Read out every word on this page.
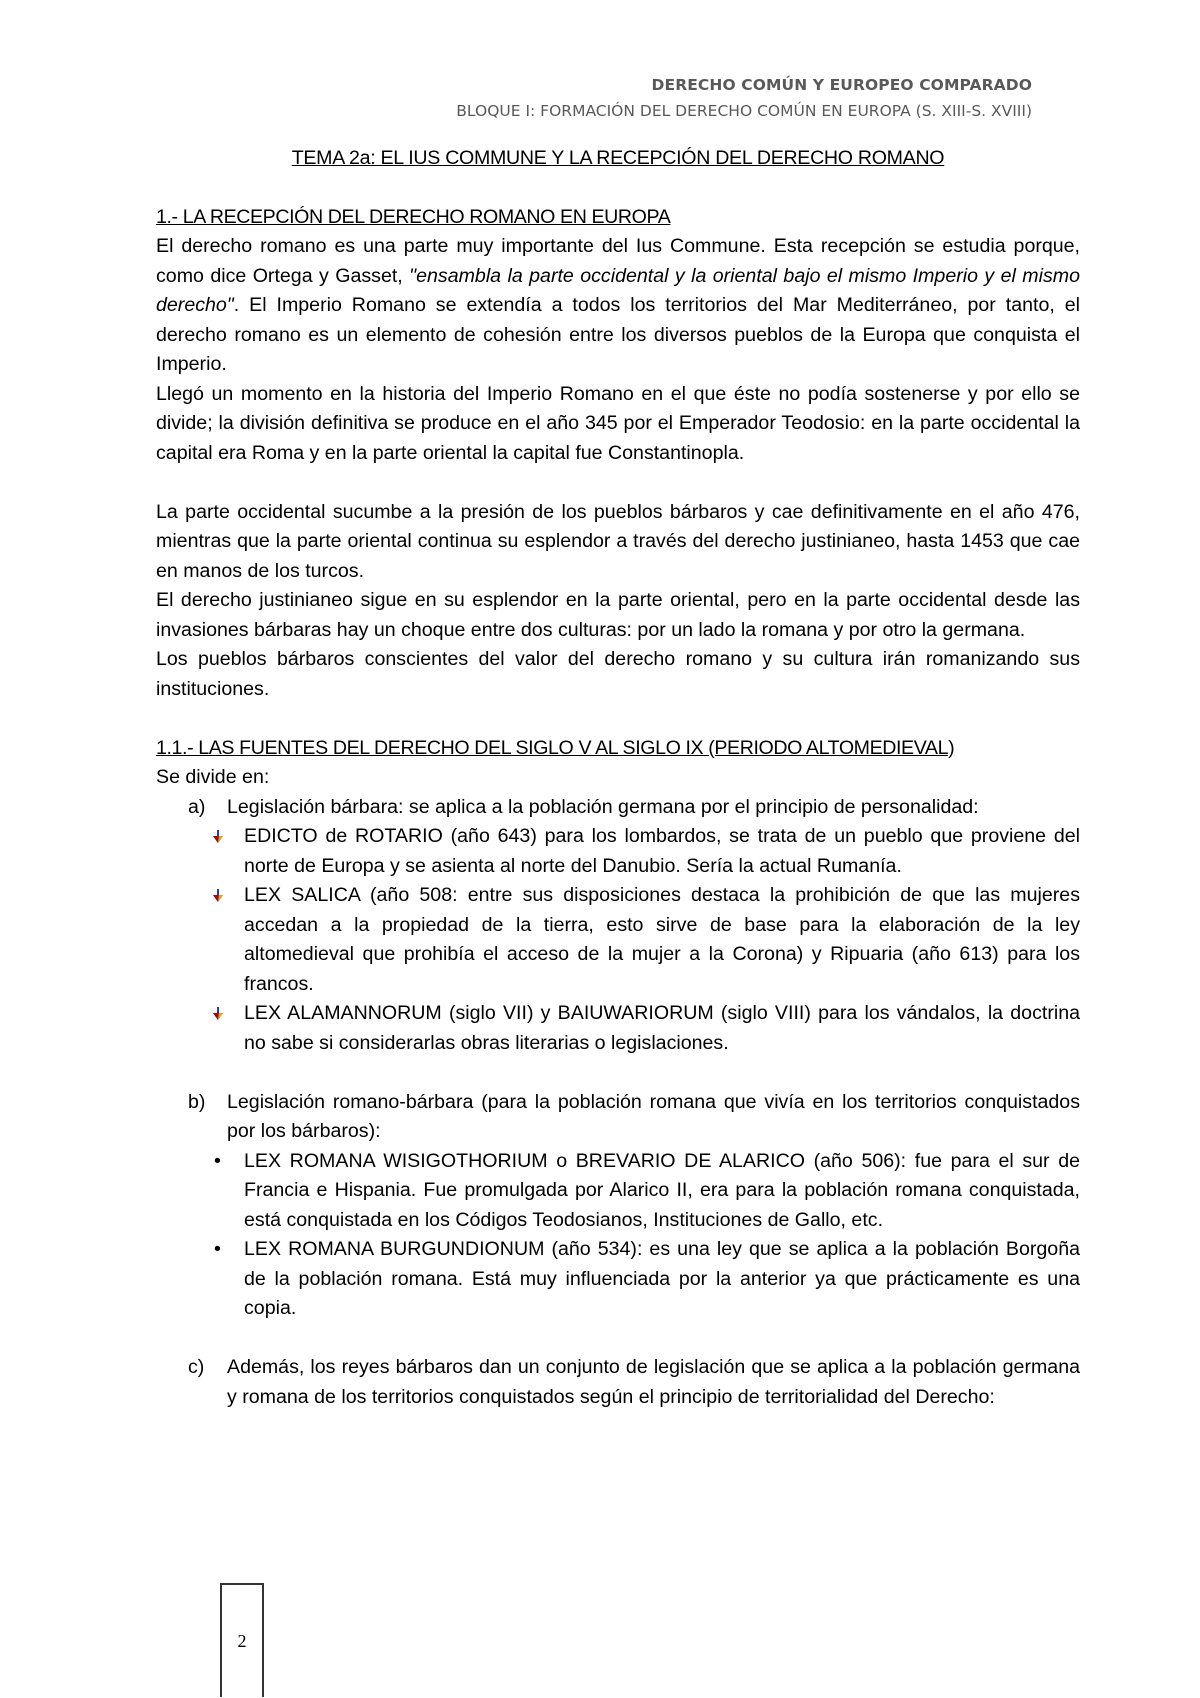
DERECHO COMÚN Y EUROPEO COMPARADO
BLOQUE I: FORMACIÓN DEL DERECHO COMÚN EN EUROPA (S. XIII-S. XVIII)
TEMA 2a: EL IUS COMMUNE Y LA RECEPCIÓN DEL DERECHO ROMANO
1.- LA RECEPCIÓN DEL DERECHO ROMANO EN EUROPA

El derecho romano es una parte muy importante del Ius Commune. Esta recepción se estudia porque, como dice Ortega y Gasset, "ensambla la parte occidental y la oriental bajo el mismo Imperio y el mismo derecho". El Imperio Romano se extendía a todos los territorios del Mar Mediterráneo, por tanto, el derecho romano es un elemento de cohesión entre los diversos pueblos de la Europa que conquista el Imperio.

Llegó un momento en la historia del Imperio Romano en el que éste no podía sostenerse y por ello se divide; la división definitiva se produce en el año 345 por el Emperador Teodosio: en la parte occidental la capital era Roma y en la parte oriental la capital fue Constantinopla.

La parte occidental sucumbe a la presión de los pueblos bárbaros y cae definitivamente en el año 476, mientras que la parte oriental continua su esplendor a través del derecho justinianeo, hasta 1453 que cae en manos de los turcos.

El derecho justinianeo sigue en su esplendor en la parte oriental, pero en la parte occidental desde las invasiones bárbaras hay un choque entre dos culturas: por un lado la romana y por otro la germana.

Los pueblos bárbaros conscientes del valor del derecho romano y su cultura irán romanizando sus instituciones.

1.1.- LAS FUENTES DEL DERECHO DEL SIGLO V AL SIGLO IX (PERIODO ALTOMEDIEVAL)

Se divide en:

a) Legislación bárbara: se aplica a la población germana por el principio de personalidad:
EDICTO de ROTARIO (año 643) para los lombardos, se trata de un pueblo que proviene del norte de Europa y se asienta al norte del Danubio. Sería la actual Rumanía.
LEX SALICA (año 508: entre sus disposiciones destaca la prohibición de que las mujeres accedan a la propiedad de la tierra, esto sirve de base para la elaboración de la ley altomedieval que prohibía el acceso de la mujer a la Corona) y Ripuaria (año 613) para los francos.
LEX ALAMANNORUM (siglo VII) y BAIUWARIORUM (siglo VIII) para los vándalos, la doctrina no sabe si considerarlas obras literarias o legislaciones.
b) Legislación romano-bárbara (para la población romana que vivía en los territorios conquistados por los bárbaros):
• LEX ROMANA WISIGOTHORIUM o BREVARIO DE ALARICO (año 506): fue para el sur de Francia e Hispania. Fue promulgada por Alarico II, era para la población romana conquistada, está conquistada en los Códigos Teodosianos, Instituciones de Gallo, etc.
• LEX ROMANA BURGUNDIONUM (año 534): es una ley que se aplica a la población Borgoña de la población romana. Está muy influenciada por la anterior ya que prácticamente es una copia.
c) Además, los reyes bárbaros dan un conjunto de legislación que se aplica a la población germana y romana de los territorios conquistados según el principio de territorialidad del Derecho:
2
